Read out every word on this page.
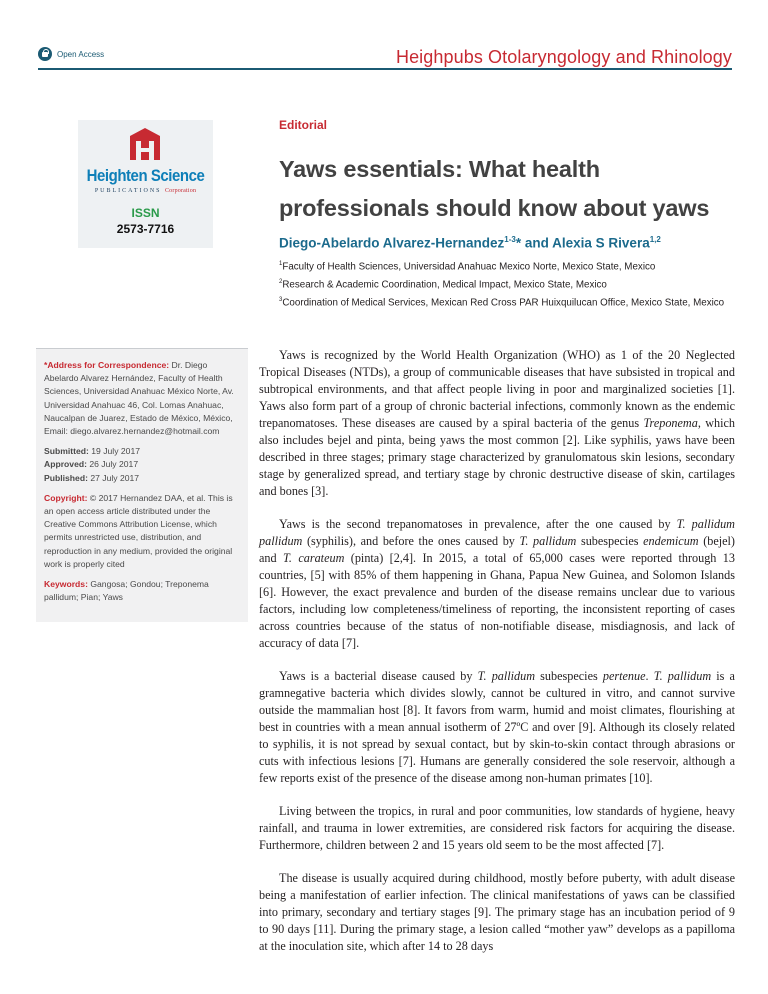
Open Access	Heighpubs Otolaryngology and Rhinology
Heighten Science
PUBLICATIONS Corporation
ISSN
2573-7716
Editorial
Yaws essentials: What health
professionals should know about yaws
Diego-Abelardo Alvarez-Hernandez$^{1-3}$* and Alexia S Rivera$^{1,2}$
$^1$Faculty of Health Sciences, Universidad Anahuac Mexico Norte, Mexico State, Mexico
$^2$Research & Academic Coordination, Medical Impact, Mexico State, Mexico
$^3$Coordination of Medical Services, Mexican Red Cross PAR Huixquilucan Office, Mexico State, Mexico

*Address for Correspondence: Dr. Diego Abelardo Alvarez Hernández, Faculty of Health Sciences, Universidad Anahuac México Norte, Av. Universidad Anahuac 46, Col. Lomas Anahuac, Naucalpan de Juarez, Estado de México, México, Email: diego.alvarez.hernandez@hotmail.com

Submitted: 19 July 2017
Approved: 26 July 2017
Published: 27 July 2017

Copyright: © 2017 Hernandez DAA, et al. This is an open access article distributed under the Creative Commons Attribution License, which permits unrestricted use, distribution, and reproduction in any medium, provided the original work is properly cited

Keywords: Gangosa; Gondou; Treponema pallidum; Pian; Yaws

Yaws is recognized by the World Health Organization (WHO) as 1 of the 20 Neglected Tropical Diseases (NTDs), a group of communicable diseases that have subsisted in tropical and subtropical environments, and that affect people living in poor and marginalized societies [1]. Yaws also form part of a group of chronic bacterial infections, commonly known as the endemic trepanomatoses. These diseases are caused by a spiral bacteria of the genus Treponema, which also includes bejel and pinta, being yaws the most common [2]. Like syphilis, yaws have been described in three stages; primary stage characterized by granulomatous skin lesions, secondary stage by generalized spread, and tertiary stage by chronic destructive disease of skin, cartilages and bones [3].

Yaws is the second trepanomatoses in prevalence, after the one caused by T. pallidum pallidum (syphilis), and before the ones caused by T. pallidum subespecies endemicum (bejel) and T. carateum (pinta) [2,4]. In 2015, a total of 65,000 cases were reported through 13 countries, [5] with 85% of them happening in Ghana, Papua New Guinea, and Solomon Islands [6]. However, the exact prevalence and burden of the disease remains unclear due to various factors, including low completeness/timeliness of reporting, the inconsistent reporting of cases across countries because of the status of non-notifiable disease, misdiagnosis, and lack of accuracy of data [7].

Yaws is a bacterial disease caused by T. pallidum subespecies pertenue. T. pallidum is a gramnegative bacteria which divides slowly, cannot be cultured in vitro, and cannot survive outside the mammalian host [8]. It favors from warm, humid and moist climates, flourishing at best in countries with a mean annual isotherm of 27ºC and over [9]. Although its closely related to syphilis, it is not spread by sexual contact, but by skin-to-skin contact through abrasions or cuts with infectious lesions [7]. Humans are generally considered the sole reservoir, although a few reports exist of the presence of the disease among non-human primates [10].

Living between the tropics, in rural and poor communities, low standards of hygiene, heavy rainfall, and trauma in lower extremities, are considered risk factors for acquiring the disease. Furthermore, children between 2 and 15 years old seem to be the most affected [7].

The disease is usually acquired during childhood, mostly before puberty, with adult disease being a manifestation of earlier infection. The clinical manifestations of yaws can be classified into primary, secondary and tertiary stages [9]. The primary stage has an incubation period of 9 to 90 days [11]. During the primary stage, a lesion called “mother yaw” develops as a papilloma at the inoculation site, which after 14 to 28 days
